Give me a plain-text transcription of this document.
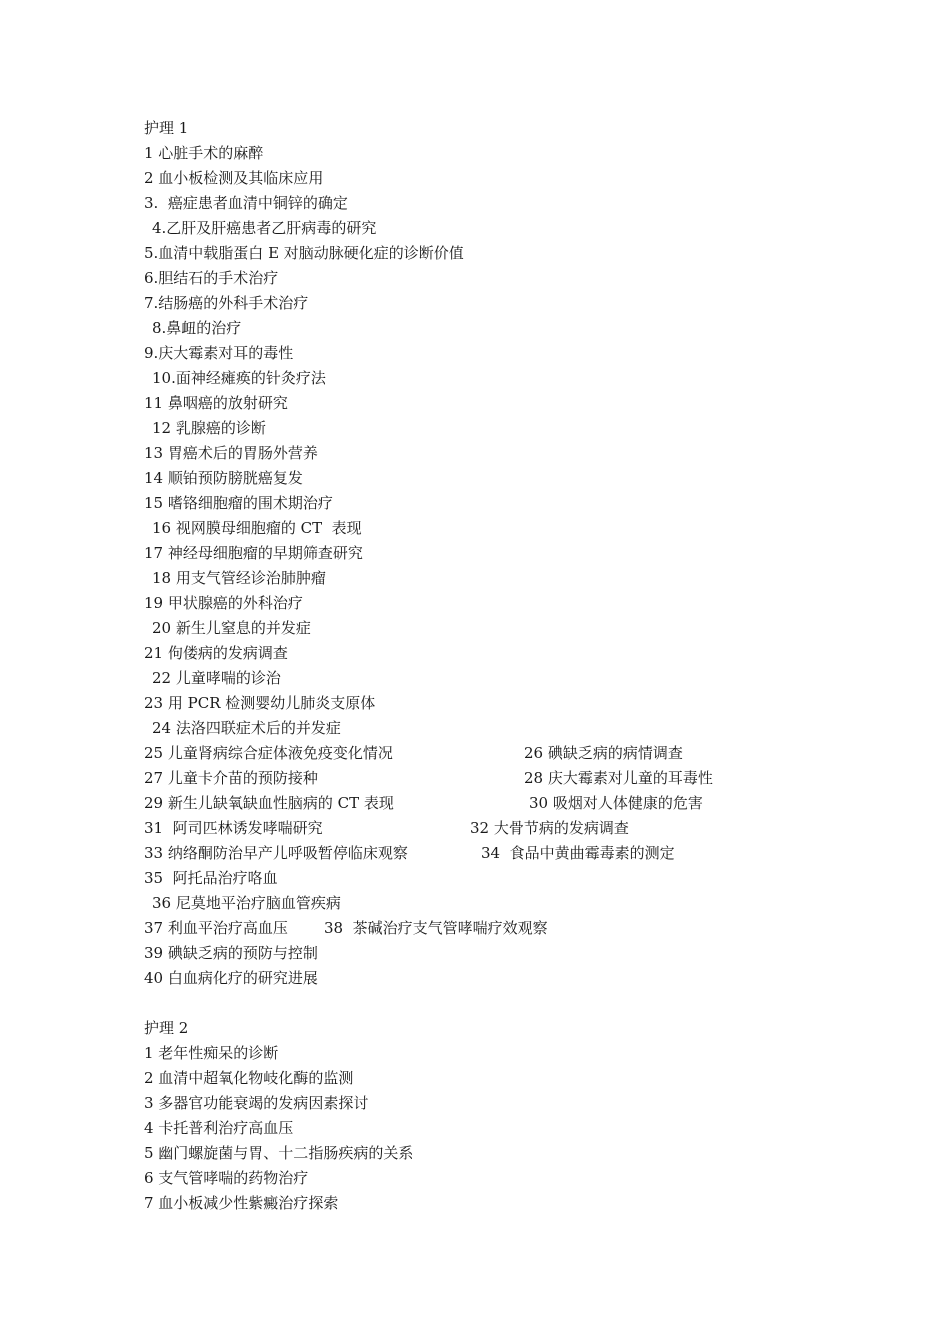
护理 1
1 心脏手术的麻醉
2 血小板检测及其临床应用
3.  癌症患者血清中铜锌的确定
4.乙肝及肝癌患者乙肝病毒的研究
5.血清中载脂蛋白 E 对脑动脉硬化症的诊断价值
6.胆结石的手术治疗
7.结肠癌的外科手术治疗
8.鼻衄的治疗
9.庆大霉素对耳的毒性
10.面神经瘫痪的针灸疗法
11 鼻咽癌的放射研究
12 乳腺癌的诊断
13 胃癌术后的胃肠外营养
14 顺铂预防膀胱癌复发
15 嗜铬细胞瘤的围术期治疗
16 视网膜母细胞瘤的 CT  表现
17 神经母细胞瘤的早期筛查研究
18 用支气管经诊治肺肿瘤
19 甲状腺癌的外科治疗
20 新生儿窒息的并发症
21 佝偻病的发病调查
22 儿童哮喘的诊治
23 用 PCR 检测婴幼儿肺炎支原体
24 法洛四联症术后的并发症
25 儿童肾病综合症体液免疫变化情况	26 碘缺乏病的病情调查
27 儿童卡介苗的预防接种	28 庆大霉素对儿童的耳毒性
29 新生儿缺氧缺血性脑病的 CT 表现	30 吸烟对人体健康的危害
31  阿司匹林诱发哮喘研究	32 大骨节病的发病调查
33 纳络酮防治早产儿呼吸暂停临床观察	34  食品中黄曲霉毒素的测定
35  阿托品治疗咯血
36 尼莫地平治疗脑血管疾病
37 利血平治疗高血压 38  茶碱治疗支气管哮喘疗效观察
39 碘缺乏病的预防与控制
40 白血病化疗的研究进展
护理 2
1 老年性痴呆的诊断
2 血清中超氧化物岐化酶的监测
3 多器官功能衰竭的发病因素探讨
4 卡托普利治疗高血压
5 幽门螺旋菌与胃、十二指肠疾病的关系
6 支气管哮喘的药物治疗
7 血小板减少性紫癜治疗探索
